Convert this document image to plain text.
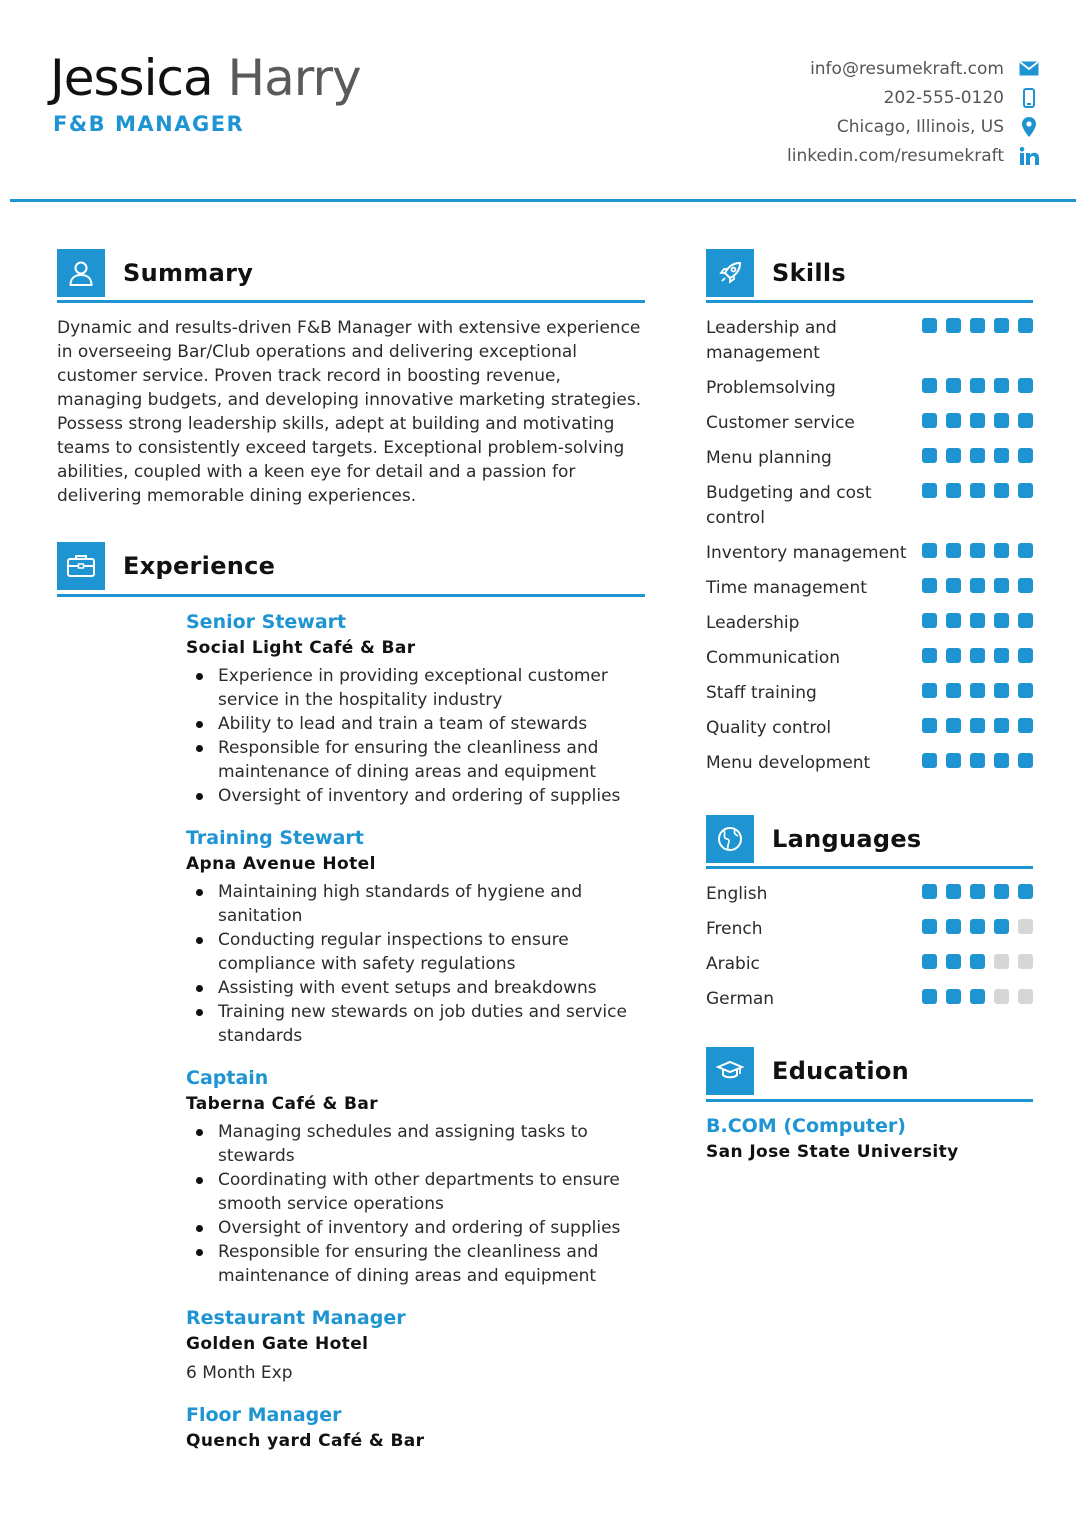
Jessica Harry
F&B MANAGER
info@resumekraft.com
202-555-0120
Chicago, Illinois, US
linkedin.com/resumekraft
Summary
Dynamic and results-driven F&B Manager with extensive experience in overseeing Bar/Club operations and delivering exceptional customer service. Proven track record in boosting revenue, managing budgets, and developing innovative marketing strategies. Possess strong leadership skills, adept at building and motivating teams to consistently exceed targets. Exceptional problem-solving abilities, coupled with a keen eye for detail and a passion for delivering memorable dining experiences.
Experience
Senior Stewart
Social Light Café & Bar
Experience in providing exceptional customer service in the hospitality industry
Ability to lead and train a team of stewards
Responsible for ensuring the cleanliness and maintenance of dining areas and equipment
Oversight of inventory and ordering of supplies
Training Stewart
Apna Avenue Hotel
Maintaining high standards of hygiene and sanitation
Conducting regular inspections to ensure compliance with safety regulations
Assisting with event setups and breakdowns
Training new stewards on job duties and service standards
Captain
Taberna Café & Bar
Managing schedules and assigning tasks to stewards
Coordinating with other departments to ensure smooth service operations
Oversight of inventory and ordering of supplies
Responsible for ensuring the cleanliness and maintenance of dining areas and equipment
Restaurant Manager
Golden Gate Hotel
6 Month Exp
Floor Manager
Quench yard Café & Bar
Skills
Leadership and management
Problemsolving
Customer service
Menu planning
Budgeting and cost control
Inventory management
Time management
Leadership
Communication
Staff training
Quality control
Menu development
Languages
English
French
Arabic
German
Education
B.COM (Computer)
San Jose State University
